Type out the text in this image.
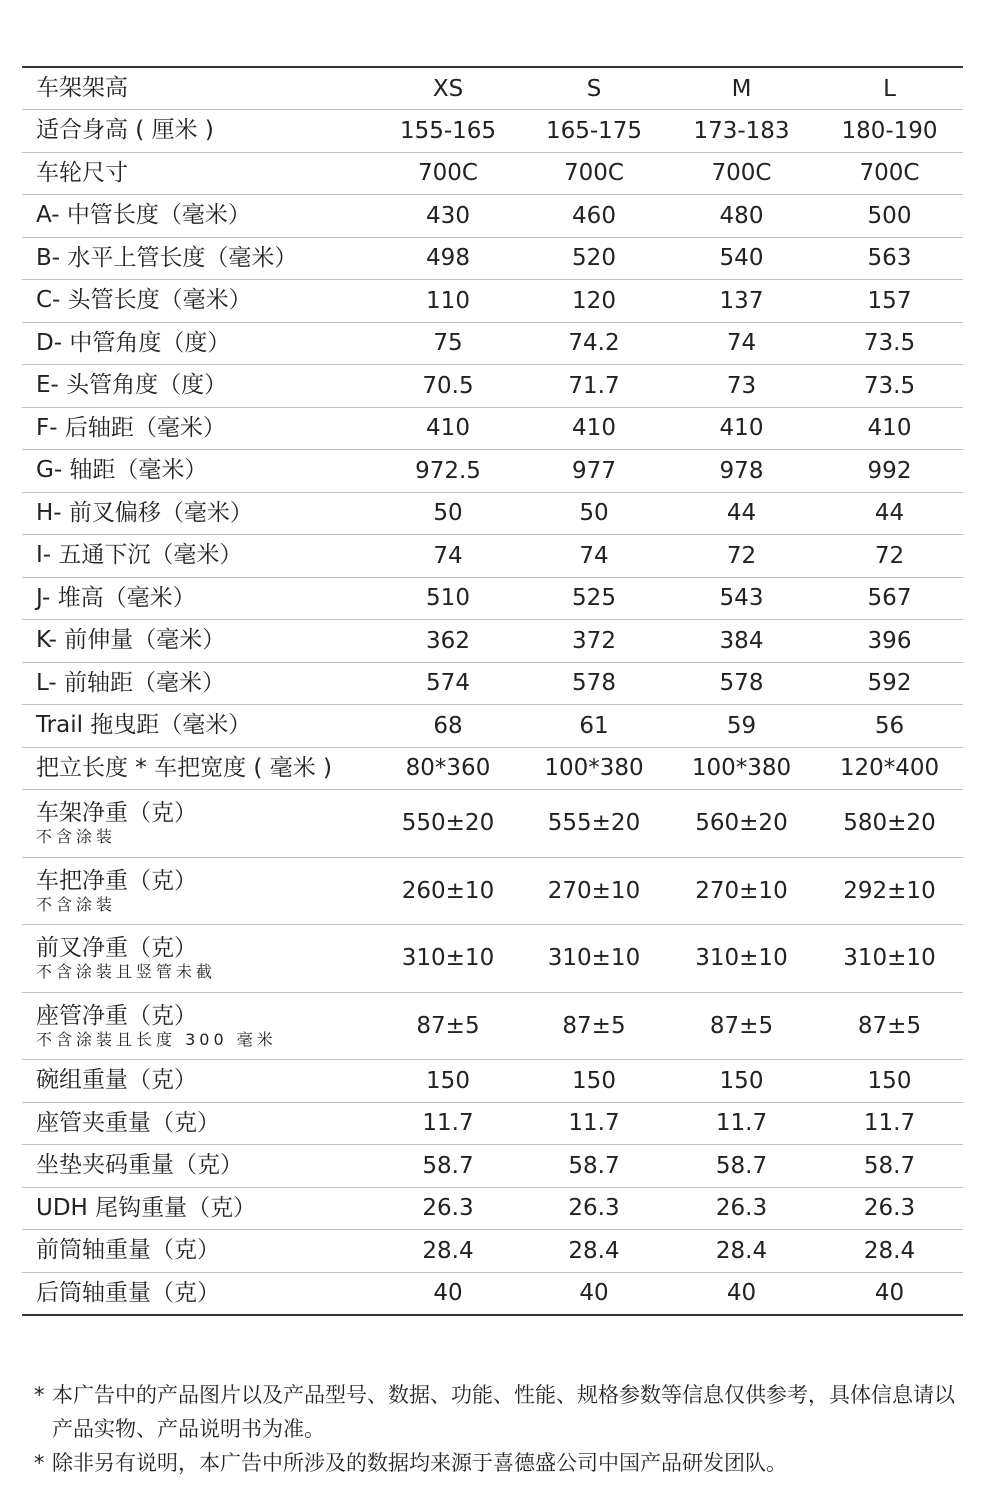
车架架高	XS	S	M	L

适合身高 ( 厘米 )	155-165	165-175	173-183	180-190

车轮尺寸	700C	700C	700C	700C

A- 中管长度（毫米）	430	460	480	500

B- 水平上管长度（毫米）	498	520	540	563

C- 头管长度（毫米）	110	120	137	157

D- 中管角度（度）	75	74.2	74	73.5

E- 头管角度（度）	70.5	71.7	73	73.5

F- 后轴距（毫米）	410	410	410	410

G- 轴距（毫米）	972.5	977	978	992

H- 前叉偏移（毫米）	50	50	44	44

I- 五通下沉（毫米）	74	74	72	72

J- 堆高（毫米）	510	525	543	567

K- 前伸量（毫米）	362	372	384	396

L- 前轴距（毫米）	574	578	578	592

Trail 拖曳距（毫米）	68	61	59	56

把立长度 * 车把宽度 ( 毫米 )	80*360	100*380	100*380	120*400

车架净重（克）
不含涂装	550±20	555±20	560±20	580±20

车把净重（克）
不含涂装	260±10	270±10	270±10	292±10

前叉净重（克）
不含涂装且竖管未截	310±10	310±10	310±10	310±10

座管净重（克）
不含涂装且长度 300 毫米	87±5	87±5	87±5	87±5

碗组重量（克）	150	150	150	150

座管夹重量（克）	11.7	11.7	11.7	11.7

坐垫夹码重量（克）	58.7	58.7	58.7	58.7

UDH 尾钩重量（克）	26.3	26.3	26.3	26.3

前筒轴重量（克）	28.4	28.4	28.4	28.4

后筒轴重量（克）	40	40	40	40
* 本广告中的产品图片以及产品型号、数据、功能、性能、规格参数等信息仅供参考，具体信息请以产品实物、产品说明书为准。
* 除非另有说明，本广告中所涉及的数据均来源于喜德盛公司中国产品研发团队。
